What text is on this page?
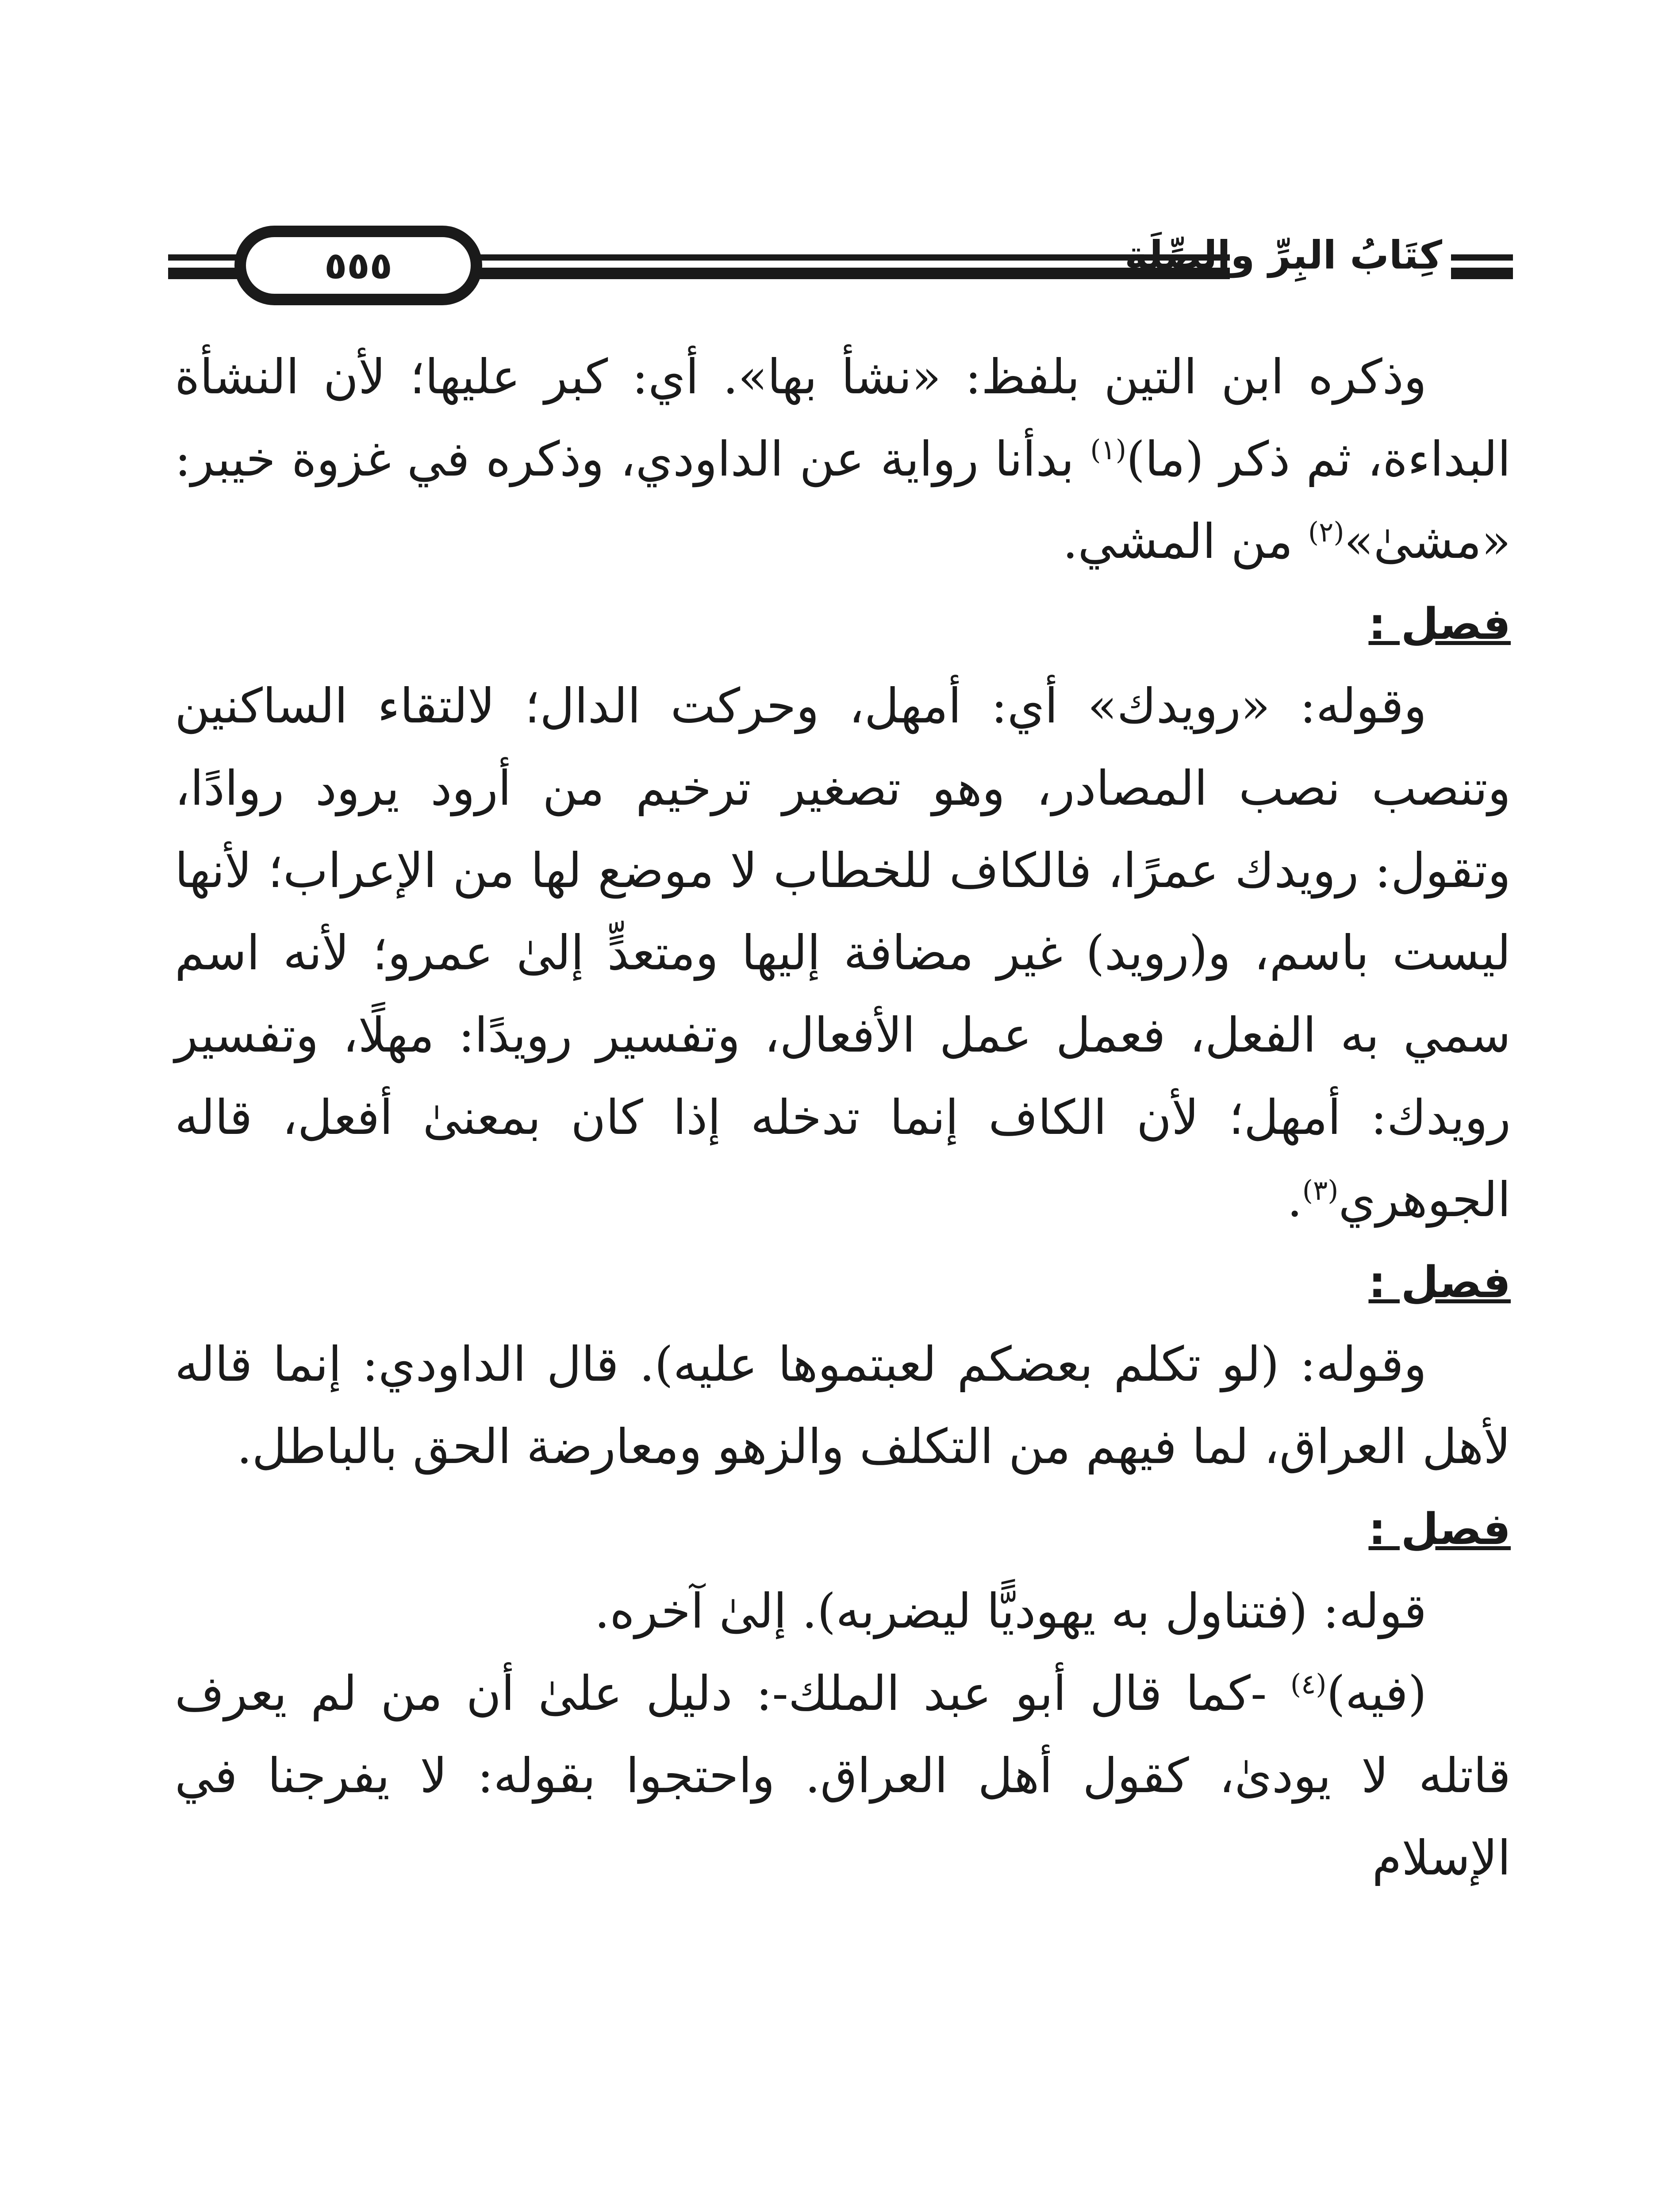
٥٥٥	كِتَابُ البِرِّ والصِّلَةِ

وذكره ابن التين بلفظ: «نشأ بها». أي: كبر عليها؛ لأن النشأة البداءة، ثم ذكر (ما)$^{(١)}$ بدأنا رواية عن الداودي، وذكره في غزوة خيبر: «مشىٰ»$^{(٢)}$ من المشي.

فصل :

وقوله: «رويدك» أي: أمهل، وحركت الدال؛ لالتقاء الساكنين وتنصب نصب المصادر، وهو تصغير ترخيم من أرود يرود روادًا، وتقول: رويدك عمرًا، فالكاف للخطاب لا موضع لها من الإعراب؛ لأنها ليست باسم، و(رويد) غير مضافة إليها ومتعدٍّ إلىٰ عمرو؛ لأنه اسم سمي به الفعل، فعمل عمل الأفعال، وتفسير رويدًا: مهلًا، وتفسير رويدك: أمهل؛ لأن الكاف إنما تدخله إذا كان بمعنىٰ أفعل، قاله الجوهري$^{(٣)}$.

فصل :

وقوله: (لو تكلم بعضكم لعبتموها عليه). قال الداودي: إنما قاله لأهل العراق، لما فيهم من التكلف والزهو ومعارضة الحق بالباطل.

فصل :

قوله: (فتناول به يهوديًّا ليضربه). إلىٰ آخره.

(فيه)$^{(٤)}$ -كما قال أبو عبد الملك-: دليل علىٰ أن من لم يعرف قاتله لا يودىٰ، كقول أهل العراق. واحتجوا بقوله: لا يفرجنا في الإسلام
